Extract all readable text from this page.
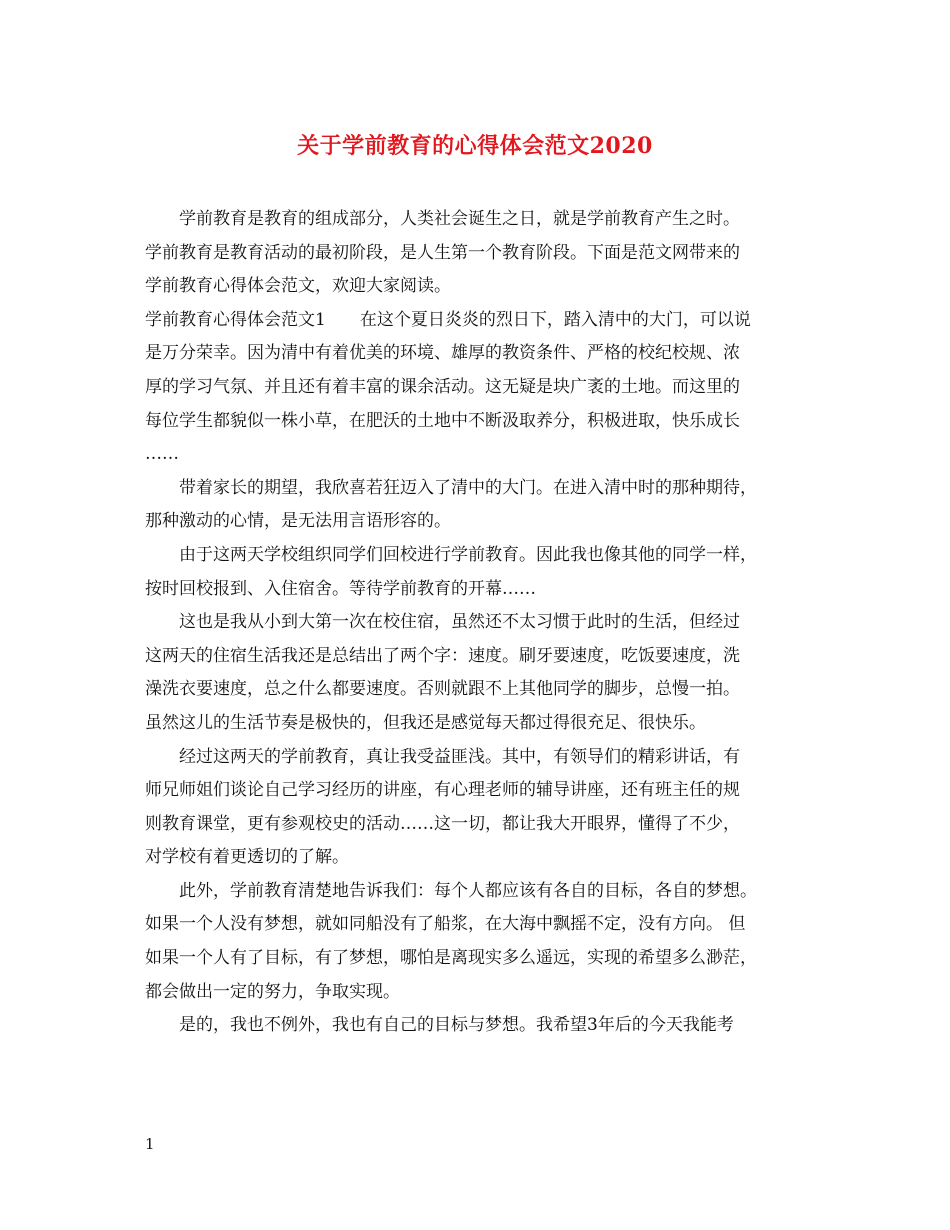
关于学前教育的心得体会范文2020
　　学前教育是教育的组成部分，人类社会诞生之日，就是学前教育产生之时。
学前教育是教育活动的最初阶段，是人生第一个教育阶段。下面是范文网带来的
学前教育心得体会范文，欢迎大家阅读。
学前教育心得体会范文1　　在这个夏日炎炎的烈日下，踏入清中的大门，可以说
是万分荣幸。因为清中有着优美的环境、雄厚的教资条件、严格的校纪校规、浓
厚的学习气氛、并且还有着丰富的课余活动。这无疑是块广袤的土地。而这里的
每位学生都貌似一株小草，在肥沃的土地中不断汲取养分，积极进取，快乐成长
……
　　带着家长的期望，我欣喜若狂迈入了清中的大门。在进入清中时的那种期待，
那种激动的心情，是无法用言语形容的。
　　由于这两天学校组织同学们回校进行学前教育。因此我也像其他的同学一样，
按时回校报到、入住宿舍。等待学前教育的开幕……
　　这也是我从小到大第一次在校住宿，虽然还不太习惯于此时的生活，但经过
这两天的住宿生活我还是总结出了两个字：速度。刷牙要速度，吃饭要速度，洗
澡洗衣要速度，总之什么都要速度。否则就跟不上其他同学的脚步，总慢一拍。
虽然这儿的生活节奏是极快的，但我还是感觉每天都过得很充足、很快乐。
　　经过这两天的学前教育，真让我受益匪浅。其中，有领导们的精彩讲话，有
师兄师姐们谈论自己学习经历的讲座，有心理老师的辅导讲座，还有班主任的规
则教育课堂，更有参观校史的活动……这一切，都让我大开眼界，懂得了不少，
对学校有着更透切的了解。
　　此外，学前教育清楚地告诉我们：每个人都应该有各自的目标，各自的梦想。
如果一个人没有梦想，就如同船没有了船浆，在大海中飘摇不定，没有方向。 但
如果一个人有了目标，有了梦想，哪怕是离现实多么遥远，实现的希望多么渺茫，
都会做出一定的努力，争取实现。
　　是的，我也不例外，我也有自己的目标与梦想。我希望3年后的今天我能考
1
